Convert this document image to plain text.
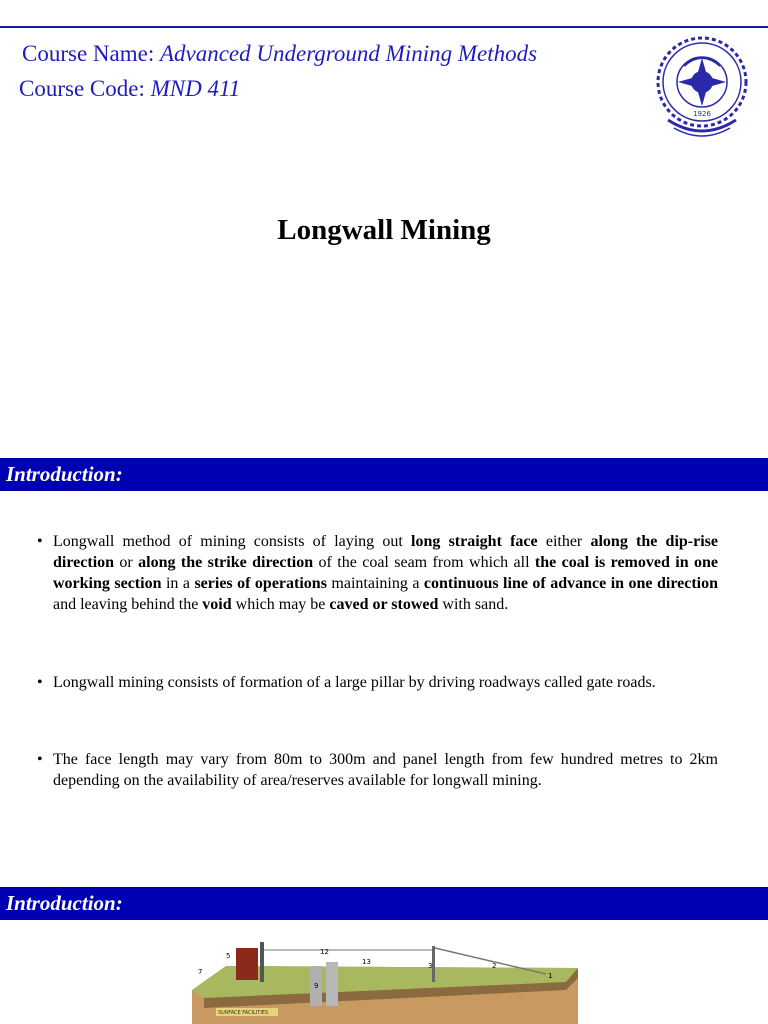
Course Name: Advanced Underground Mining Methods
Course Code: MND 411
1926
Longwall Mining
Introduction:
• Longwall method of mining consists of laying out long straight face either along the dip-rise direction or along the strike direction of the coal seam from which all the coal is removed in one working section in a series of operations maintaining a continuous line of advance in one direction and leaving behind the void which may be caved or stowed with sand.
• Longwall mining consists of formation of a large pillar by driving roadways called gate roads.
• The face length may vary from 80m to 300m and panel length from few hundred metres to 2km depending on the availability of area/reserves available for longwall mining.
Introduction:
12
13
5
7
9
3	2
1
SURFACE FACILITIES
